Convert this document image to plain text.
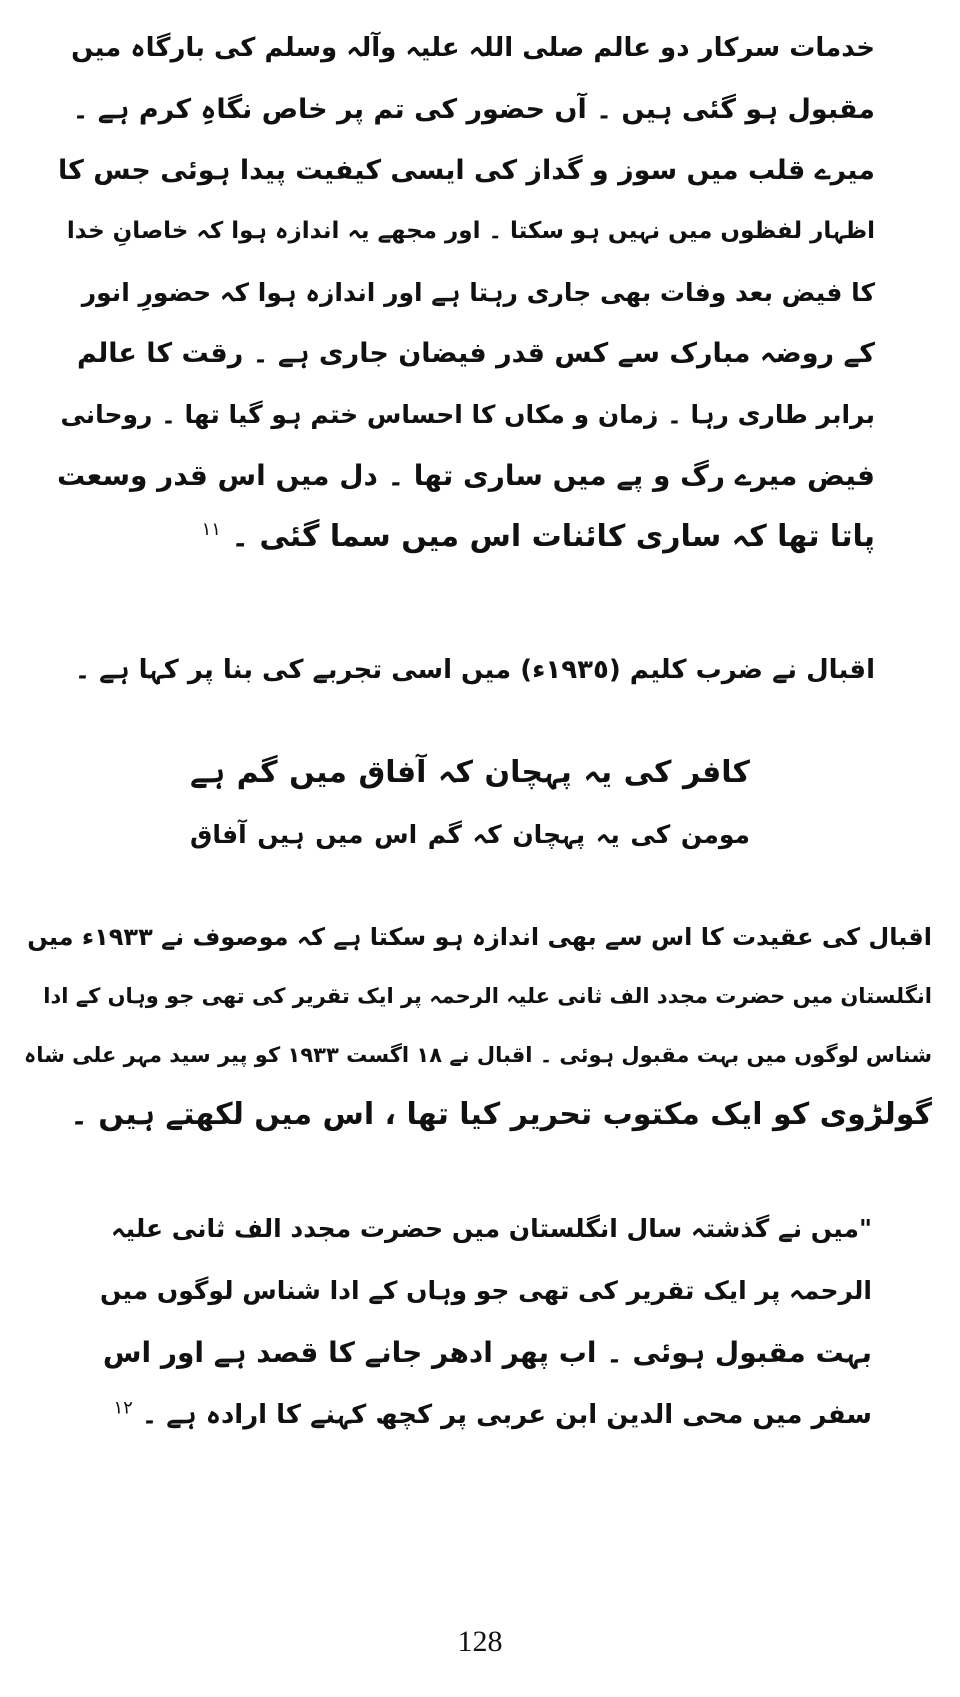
خدمات سرکار دو عالم صلی اللہ علیہ وآلہ وسلم کی بارگاہ میں
مقبول ہو گئی ہیں ۔ آں حضور کی تم پر خاص نگاہِ کرم ہے ۔
میرے قلب میں سوز و گداز کی ایسی کیفیت پیدا ہوئی جس کا
اظہار لفظوں میں نہیں ہو سکتا ۔ اور مجھے یہ اندازہ ہوا کہ خاصانِ خدا
کا فیض بعد وفات بھی جاری رہتا ہے اور اندازہ ہوا کہ حضورِ انور
کے روضہ مبارک سے کس قدر فیضان جاری ہے ۔ رقت کا عالم
برابر طاری رہا ۔ زمان و مکاں کا احساس ختم ہو گیا تھا ۔ روحانی
فیض میرے رگ و پے میں ساری تھا ۔ دل میں اس قدر وسعت
پاتا تھا کہ ساری کائنات اس میں سما گئی ۔ $^{١١}$
اقبال نے ضرب کلیم (١٩٣٥ء) میں اسی تجربے کی بنا پر کہا ہے ۔
کافر کی یہ پہچان کہ آفاق میں گم ہے
مومن کی یہ پہچان کہ گم اس میں ہیں آفاق
اقبال کی عقیدت کا اس سے بھی اندازہ ہو سکتا ہے کہ موصوف نے ١٩٣٣ء میں
انگلستان میں حضرت مجدد الف ثانی علیہ الرحمہ پر ایک تقریر کی تھی جو وہاں کے ادا
شناس لوگوں میں بہت مقبول ہوئی ۔ اقبال نے ١٨ اگست ١٩٣٣ کو پیر سید مہر علی شاہ
گولڑوی کو ایک مکتوب تحریر کیا تھا ، اس میں لکھتے ہیں ۔
"میں نے گذشتہ سال انگلستان میں حضرت مجدد الف ثانی علیہ
الرحمہ پر ایک تقریر کی تھی جو وہاں کے ادا شناس لوگوں میں
بہت مقبول ہوئی ۔ اب پھر ادھر جانے کا قصد ہے اور اس
سفر میں محی الدین ابن عربی پر کچھ کہنے کا ارادہ ہے ۔ $^{١٢}$
128
